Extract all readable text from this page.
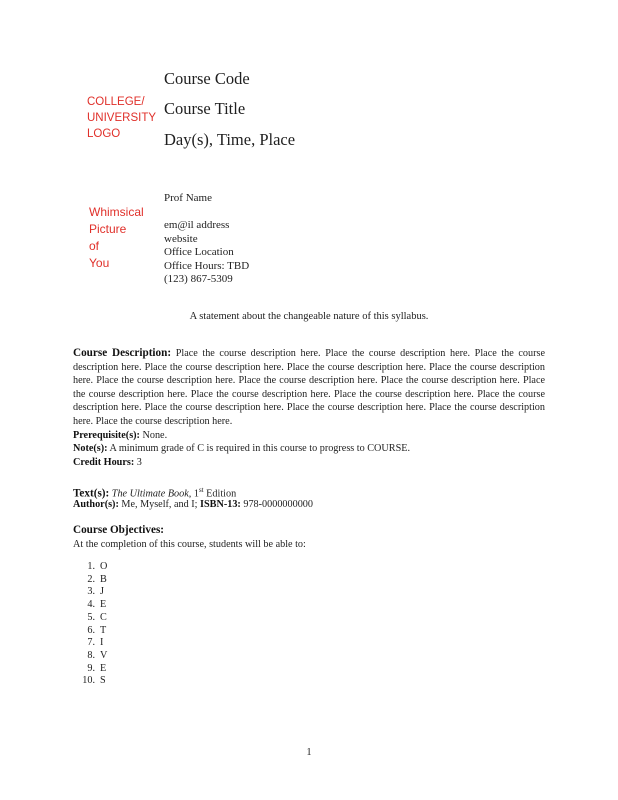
COLLEGE/
UNIVERSITY
LOGO
Course Code
Course Title
Day(s), Time, Place
Whimsical
Picture
of
You
Prof Name
em@il address
website
Office Location
Office Hours: TBD
(123) 867-5309
A statement about the changeable nature of this syllabus.
Course Description: Place the course description here. Place the course description here. Place the course description here. Place the course description here. Place the course description here. Place the course description here. Place the course description here. Place the course description here. Place the course description here. Place the course description here. Place the course description here. Place the course description here. Place the course description here. Place the course description here. Place the course description here. Place the course description here. Place the course description here.
Prerequisite(s): None.
Note(s): A minimum grade of C is required in this course to progress to COURSE.
Credit Hours: 3
Text(s): The Ultimate Book, 1st Edition
Author(s): Me, Myself, and I; ISBN-13: 978-0000000000
Course Objectives:
At the completion of this course, students will be able to:
1. O
2. B
3. J
4. E
5. C
6. T
7. I
8. V
9. E
10. S
1
